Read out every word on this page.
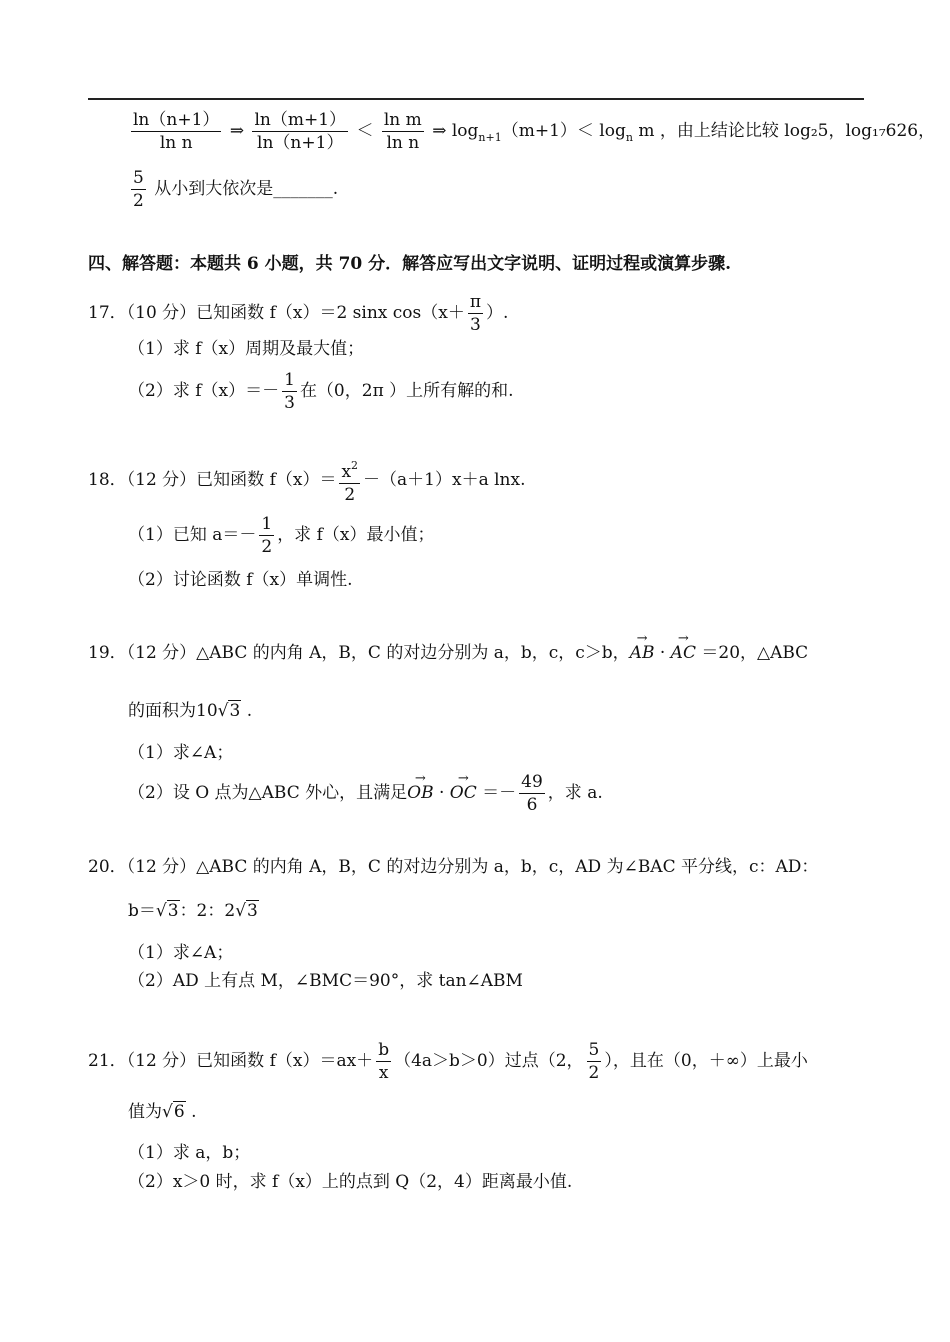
$\frac{\ln(n+1)}{\text{ln n}}$ ⇒ $\frac{\ln(m+1)}{\ln(n+1)} < \frac{\text{ln m}}{\text{ln n}}$ ⇒ $\log_{n+1}(m+1)< \log_n m$ ，由上结论比较 log₂5，log₁₇626，
$\frac{5}{2}$ 从小到大依次是_______.
四、解答题：本题共 6 小题，共 70 分．解答应写出文字说明、证明过程或演算步骤.
17．（10 分）已知函数 f（x）＝2 sinx $\cos(x+ \frac{\pi}{3}$ ）.
（1）求 f（x）周期及最大值；
（2）求 $f(x)=- \frac{1}{3}$ 在（0，2π ）上所有解的和.
18．（12 分）已知函数 $f(x)= \frac{x^2}{2} -(a+1)x+a$ lnx.
（1）已知 $a=- \frac{1}{2}$ ，求 f（x）最小值；
（2）讨论函数 f（x）单调性.
19．（12 分）△ABC 的内角 A，B，C 的对边分别为 a，b，c，c＞b，→ AB · → AC ＝20，△ABC
的面积为10√3 .
（1）求∠A；
（2）设 O 点为△ABC 外心，且满足→ OB · → OC ＝－ $\frac{49}{6}$ ，求 a.
20．（12 分）△ABC 的内角 A，B，C 的对边分别为 a，b，c，AD 为∠BAC 平分线，c：AD：
b＝√3：2：2√3
（1）求∠A；
（2）AD 上有点 M，∠BMC＝90°，求 tan∠ABM
21．（12 分）已知函数 $f(x)=ax+ \frac{b}{x} (4a>b>0)$过点（2， $\frac{5}{2}$ ），且在（0，＋∞）上最小
值为√6 .
（1）求 a，b；
（2）x＞0 时，求 f（x）上的点到 Q（2，4）距离最小值.
